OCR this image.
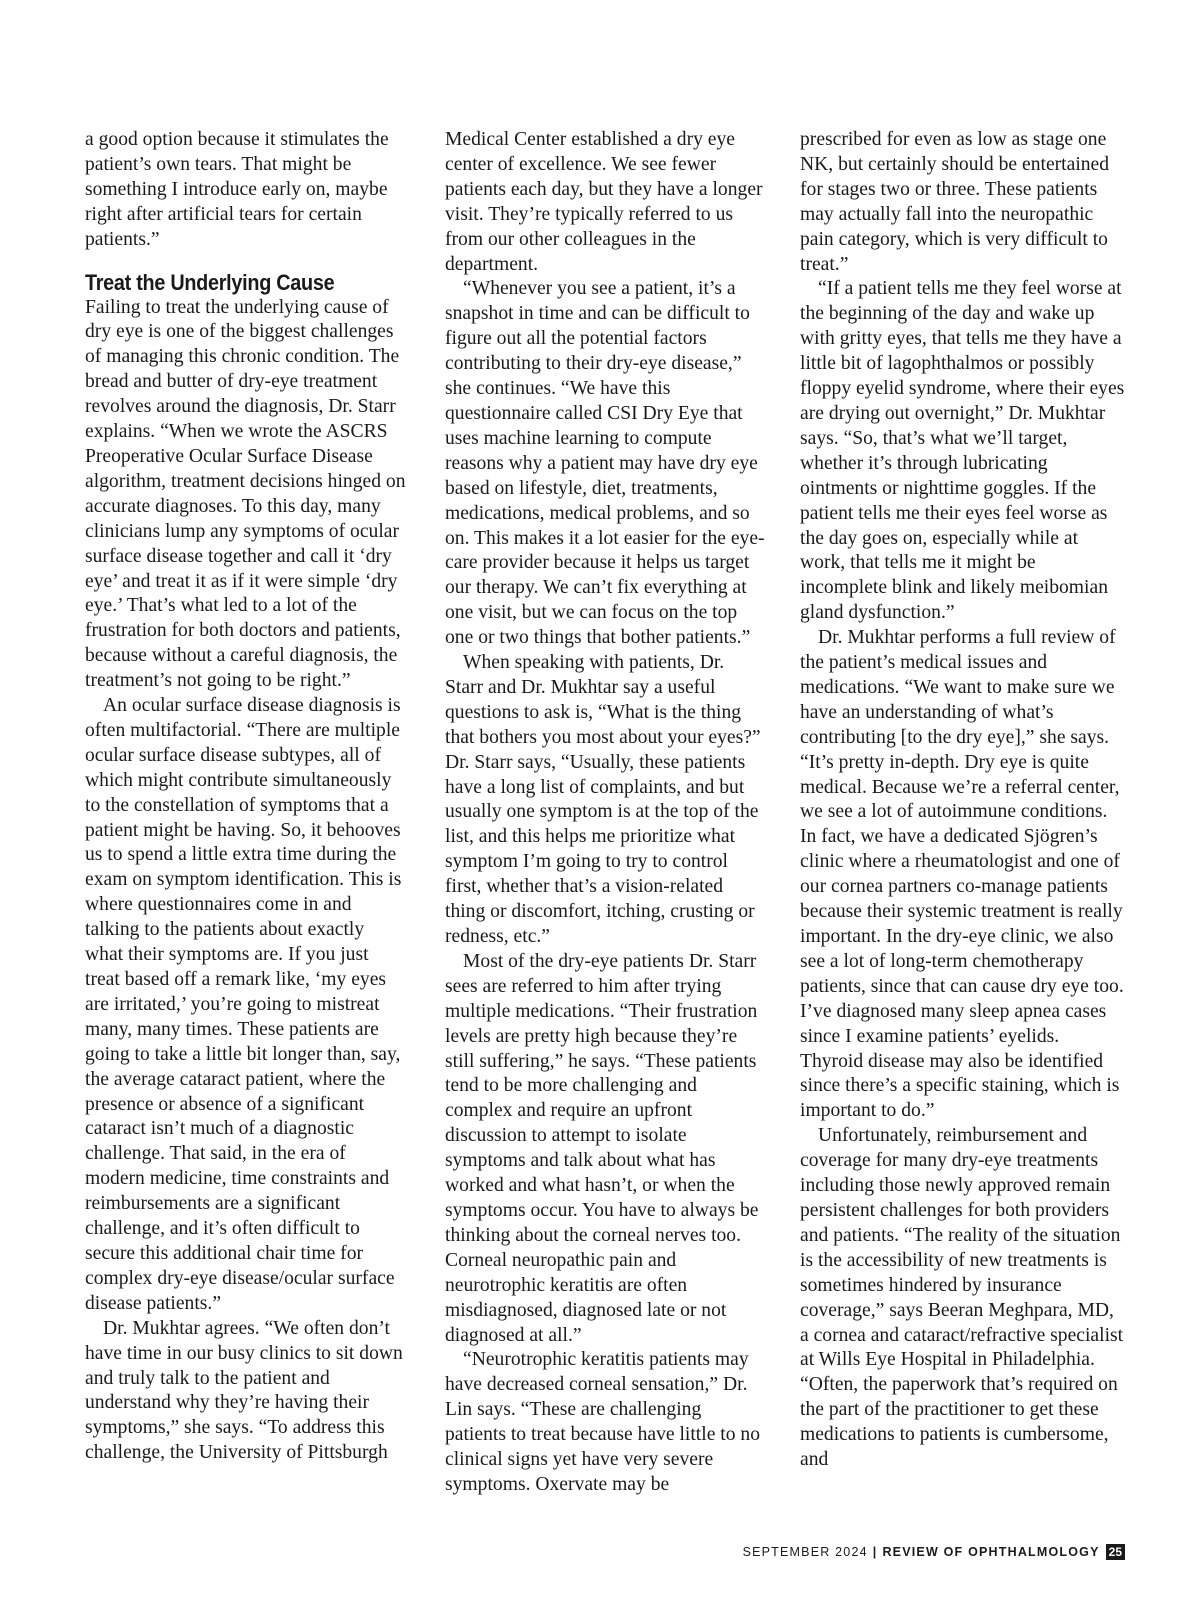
a good option because it stimulates the patient’s own tears. That might be something I introduce early on, maybe right after artificial tears for certain patients.”

Treat the Underlying Cause

Failing to treat the underlying cause of dry eye is one of the biggest challenges of managing this chronic condition. The bread and butter of dry-eye treatment revolves around the diagnosis, Dr. Starr explains. “When we wrote the ASCRS Preoperative Ocular Surface Disease algorithm, treatment decisions hinged on accurate diagnoses. To this day, many clinicians lump any symptoms of ocular surface disease together and call it ‘dry eye’ and treat it as if it were simple ‘dry eye.’ That’s what led to a lot of the frustration for both doctors and patients, because without a careful diagnosis, the treatment’s not going to be right.”

An ocular surface disease diagnosis is often multifactorial. “There are multiple ocular surface disease subtypes, all of which might contribute simultaneously to the constellation of symptoms that a patient might be having. So, it behooves us to spend a little extra time during the exam on symptom identification. This is where questionnaires come in and talking to the patients about exactly what their symptoms are. If you just treat based off a remark like, ‘my eyes are irritated,’ you’re going to mistreat many, many times. These patients are going to take a little bit longer than, say, the average cataract patient, where the presence or absence of a significant cataract isn’t much of a diagnostic challenge. That said, in the era of modern medicine, time constraints and reimbursements are a significant challenge, and it’s often difficult to secure this additional chair time for complex dry-eye disease/ocular surface disease patients.”

Dr. Mukhtar agrees. “We often don’t have time in our busy clinics to sit down and truly talk to the patient and understand why they’re having their symptoms,” she says. “To address this challenge, the University of Pittsburgh

Medical Center established a dry eye center of excellence. We see fewer patients each day, but they have a longer visit. They’re typically referred to us from our other colleagues in the department.

“Whenever you see a patient, it’s a snapshot in time and can be difficult to figure out all the potential factors contributing to their dry-eye disease,” she continues. “We have this questionnaire called CSI Dry Eye that uses machine learning to compute reasons why a patient may have dry eye based on lifestyle, diet, treatments, medications, medical problems, and so on. This makes it a lot easier for the eye-care provider because it helps us target our therapy. We can’t fix everything at one visit, but we can focus on the top one or two things that bother patients.”

When speaking with patients, Dr. Starr and Dr. Mukhtar say a useful questions to ask is, “What is the thing that bothers you most about your eyes?” Dr. Starr says, “Usually, these patients have a long list of complaints, and but usually one symptom is at the top of the list, and this helps me prioritize what symptom I’m going to try to control first, whether that’s a vision-related thing or discomfort, itching, crusting or redness, etc.”

Most of the dry-eye patients Dr. Starr sees are referred to him after trying multiple medications. “Their frustration levels are pretty high because they’re still suffering,” he says. “These patients tend to be more challenging and complex and require an upfront discussion to attempt to isolate symptoms and talk about what has worked and what hasn’t, or when the symptoms occur. You have to always be thinking about the corneal nerves too. Corneal neuropathic pain and neurotrophic keratitis are often misdiagnosed, diagnosed late or not diagnosed at all.”

“Neurotrophic keratitis patients may have decreased corneal sensation,” Dr. Lin says. “These are challenging patients to treat because have little to no clinical signs yet have very severe symptoms. Oxervate may be

prescribed for even as low as stage one NK, but certainly should be entertained for stages two or three. These patients may actually fall into the neuropathic pain category, which is very difficult to treat.”

“If a patient tells me they feel worse at the beginning of the day and wake up with gritty eyes, that tells me they have a little bit of lagophthalmos or possibly floppy eyelid syndrome, where their eyes are drying out overnight,” Dr. Mukhtar says. “So, that’s what we’ll target, whether it’s through lubricating ointments or nighttime goggles. If the patient tells me their eyes feel worse as the day goes on, especially while at work, that tells me it might be incomplete blink and likely meibomian gland dysfunction.”

Dr. Mukhtar performs a full review of the patient’s medical issues and medications. “We want to make sure we have an understanding of what’s contributing [to the dry eye],” she says. “It’s pretty in-depth. Dry eye is quite medical. Because we’re a referral center, we see a lot of autoimmune conditions. In fact, we have a dedicated Sjögren’s clinic where a rheumatologist and one of our cornea partners co-manage patients because their systemic treatment is really important. In the dry-eye clinic, we also see a lot of long-term chemotherapy patients, since that can cause dry eye too. I’ve diagnosed many sleep apnea cases since I examine patients’ eyelids. Thyroid disease may also be identified since there’s a specific staining, which is important to do.”

Unfortunately, reimbursement and coverage for many dry-eye treatments including those newly approved remain persistent challenges for both providers and patients. “The reality of the situation is the accessibility of new treatments is sometimes hindered by insurance coverage,” says Beeran Meghpara, MD, a cornea and cataract/refractive specialist at Wills Eye Hospital in Philadelphia. “Often, the paperwork that’s required on the part of the practitioner to get these medications to patients is cumbersome, and

SEPTEMBER 2024 | REVIEW OF OPHTHALMOLOGY 25
